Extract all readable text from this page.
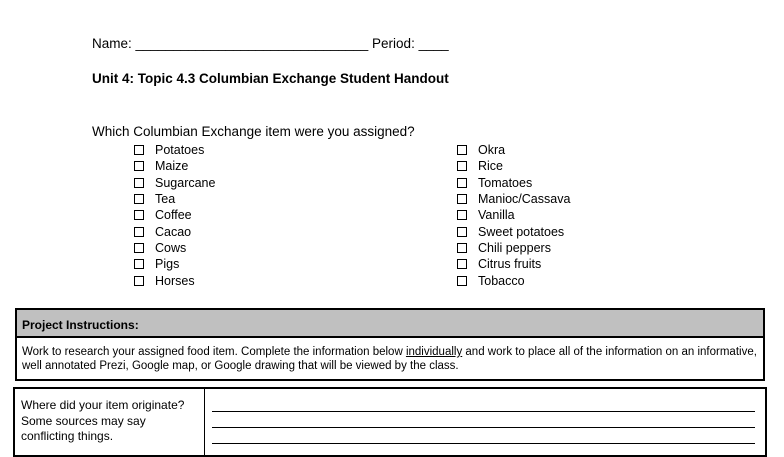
Name: _______________________________ Period: ____
Unit 4: Topic 4.3 Columbian Exchange Student Handout
Which Columbian Exchange item were you assigned?
Potatoes
Maize
Sugarcane
Tea
Coffee
Cacao
Cows
Pigs
Horses
Okra
Rice
Tomatoes
Manioc/Cassava
Vanilla
Sweet potatoes
Chili peppers
Citrus fruits
Tobacco
Project Instructions:

Work to research your assigned food item. Complete the information below individually and work to place all of the information on an informative, well annotated Prezi, Google map, or Google drawing that will be viewed by the class.

Where did your item originate? Some sources may say conflicting things.
